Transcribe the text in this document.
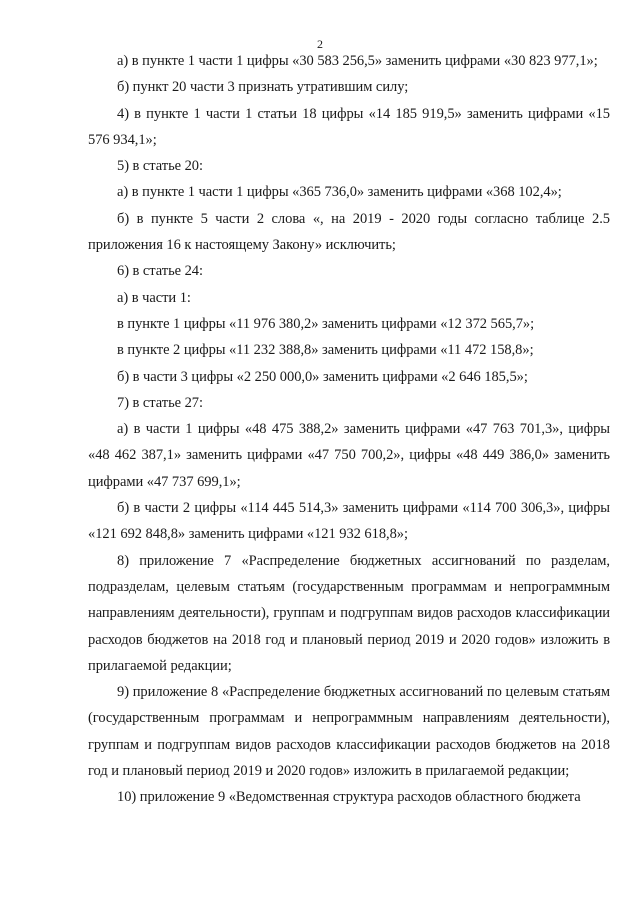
2

а) в пункте 1 части 1 цифры «30 583 256,5» заменить цифрами «30 823 977,1»;

б) пункт 20 части 3 признать утратившим силу;

4) в пункте 1 части 1 статьи 18 цифры «14 185 919,5» заменить цифрами «15 576 934,1»;

5) в статье 20:

а) в пункте 1 части 1 цифры «365 736,0» заменить цифрами «368 102,4»;

б) в пункте 5 части 2 слова «, на 2019 - 2020 годы согласно таблице 2.5 приложения 16 к настоящему Закону» исключить;

6) в статье 24:

а) в части 1:

в пункте 1 цифры «11 976 380,2» заменить цифрами «12 372 565,7»;

в пункте 2 цифры «11 232 388,8» заменить цифрами «11 472 158,8»;

б) в части 3 цифры «2 250 000,0» заменить цифрами «2 646 185,5»;

7) в статье 27:

а) в части 1 цифры «48 475 388,2» заменить цифрами «47 763 701,3», цифры «48 462 387,1» заменить цифрами «47 750 700,2», цифры «48 449 386,0» заменить цифрами «47 737 699,1»;

б) в части 2 цифры «114 445 514,3» заменить цифрами «114 700 306,3», цифры «121 692 848,8» заменить цифрами «121 932 618,8»;

8) приложение 7 «Распределение бюджетных ассигнований по разделам, подразделам, целевым статьям (государственным программам и непрограммным направлениям деятельности), группам и подгруппам видов расходов классификации расходов бюджетов на 2018 год и плановый период 2019 и 2020 годов» изложить в прилагаемой редакции;

9) приложение 8 «Распределение бюджетных ассигнований по целевым статьям (государственным программам и непрограммным направлениям деятельности), группам и подгруппам видов расходов классификации расходов бюджетов на 2018 год и плановый период 2019 и 2020 годов» изложить в прилагаемой редакции;

10) приложение 9 «Ведомственная структура расходов областного бюджета
